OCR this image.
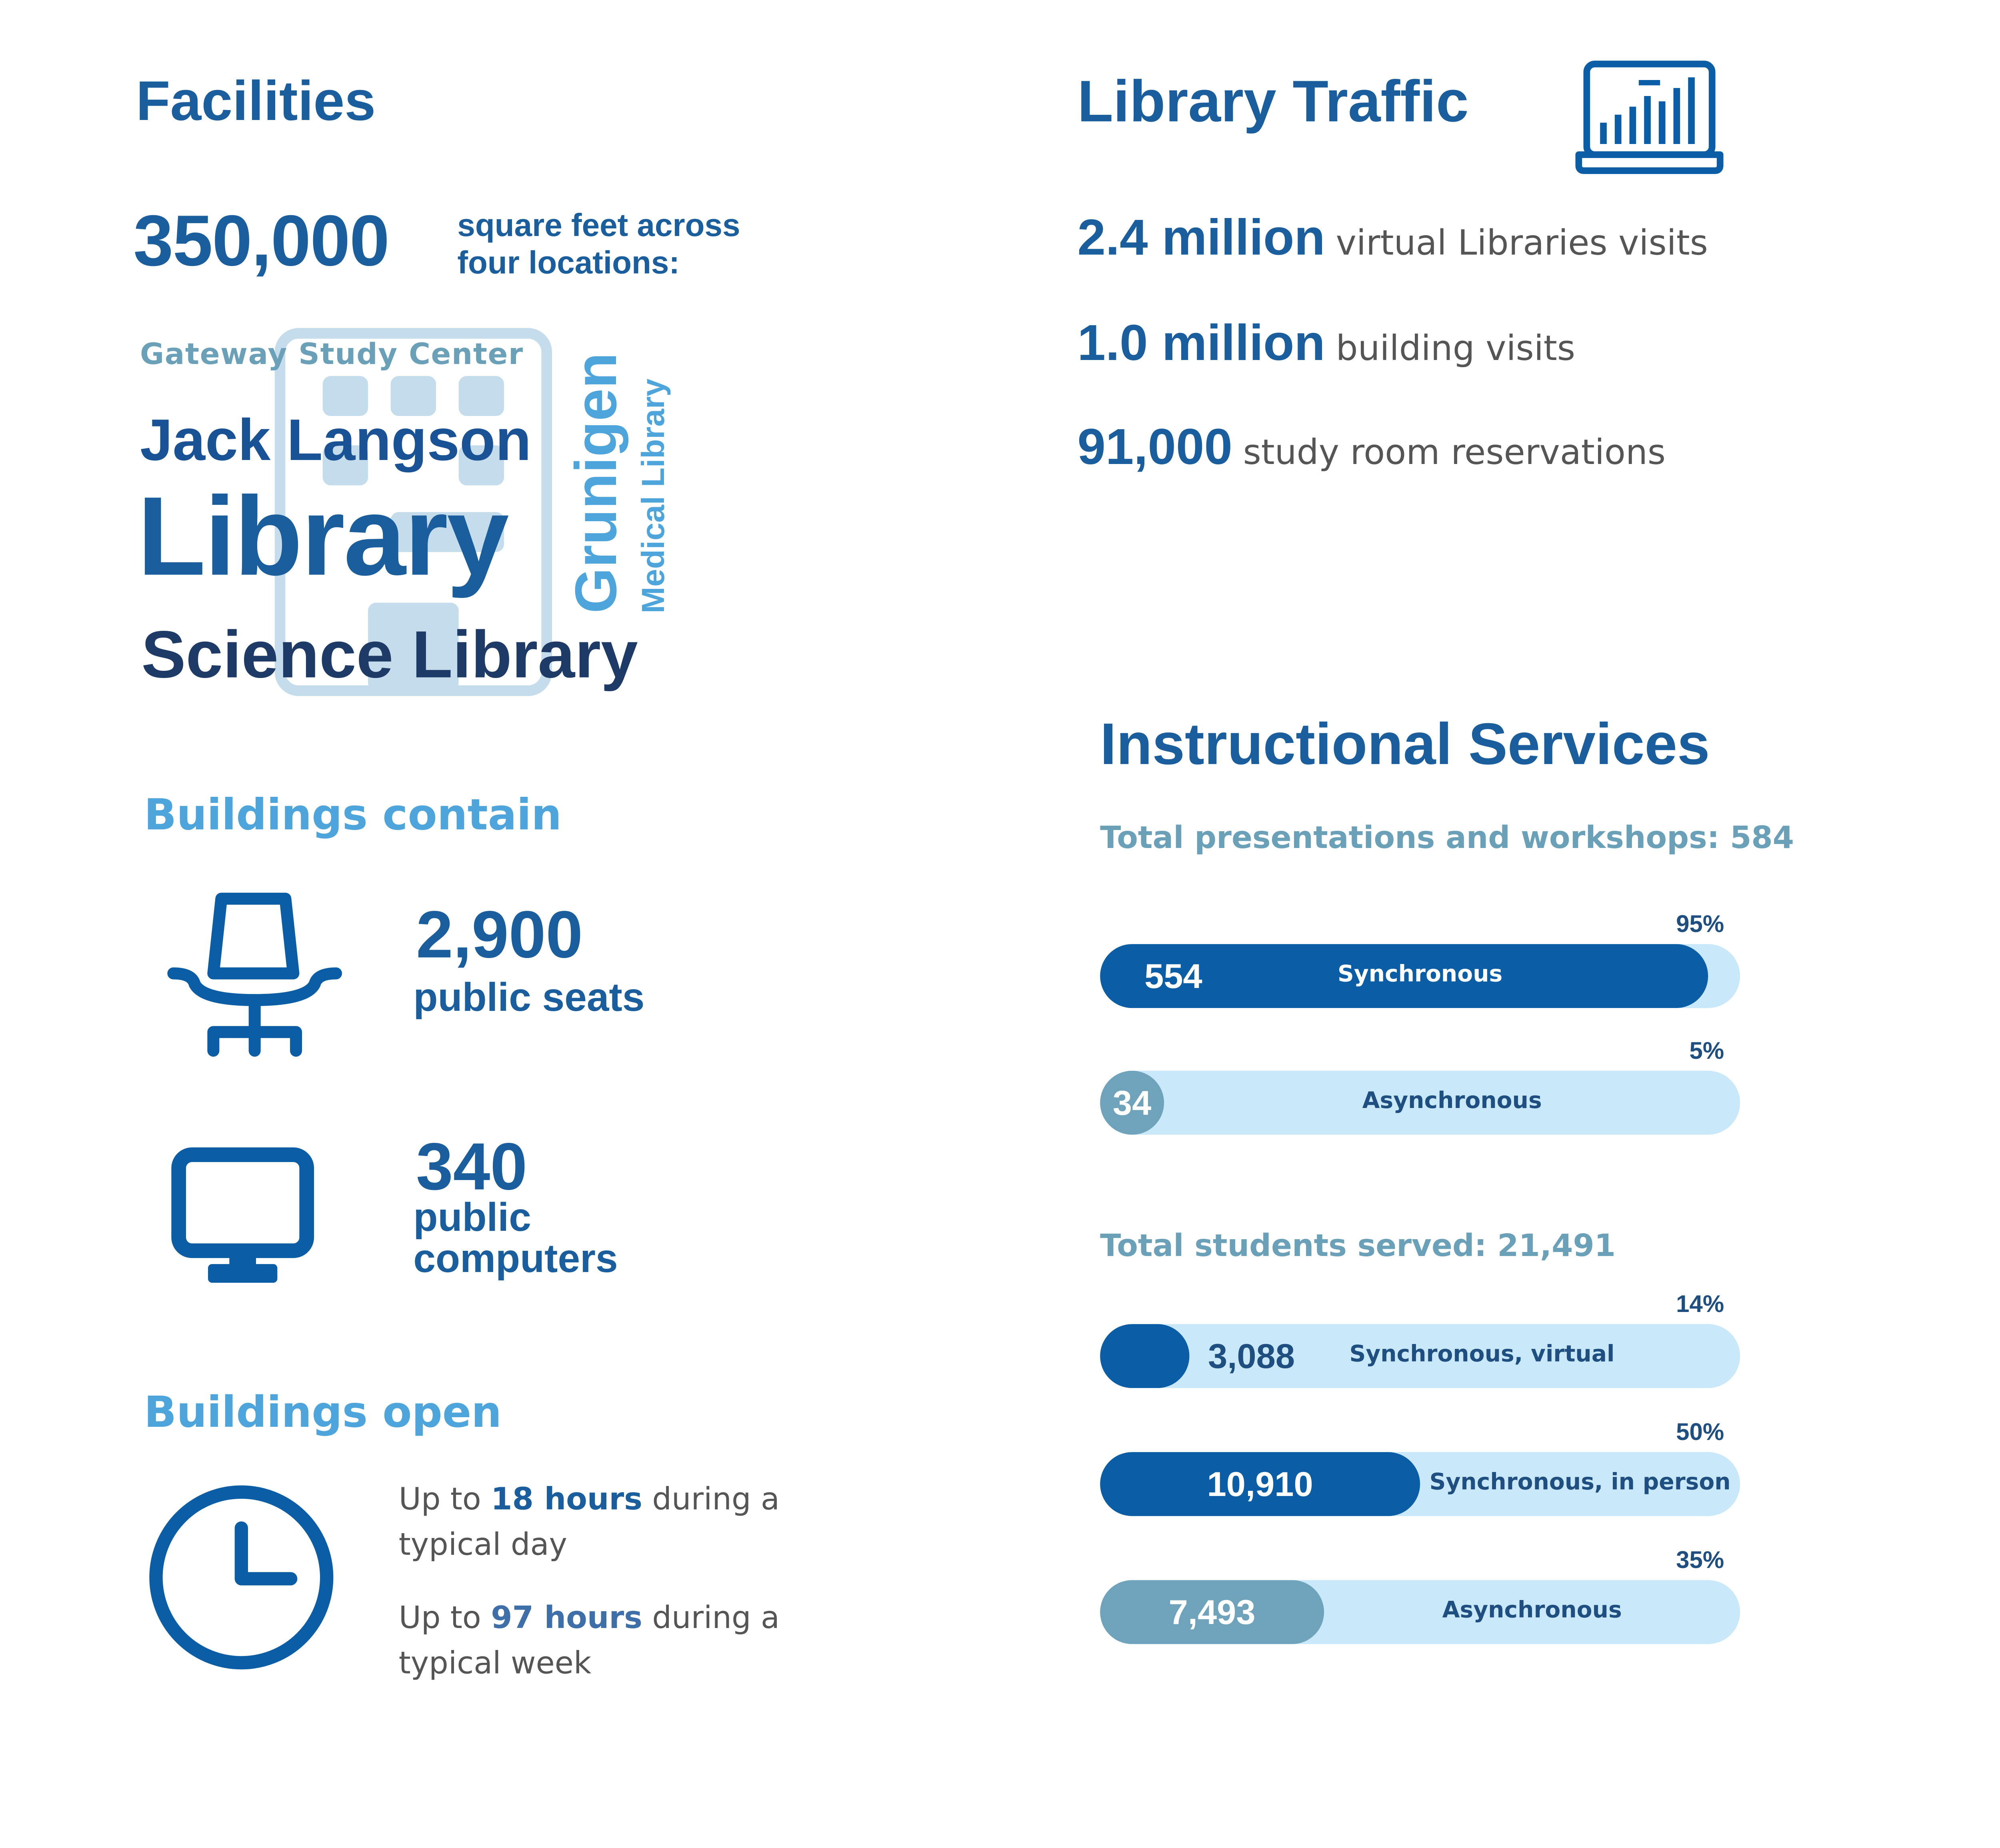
Facilities
350,000	square feet across
four locations:
Gateway Study Center
Jack Langson
Library
Science Library
Grunigen Medical Library
Buildings contain
2,900
public seats
340
public
computers
Buildings open
Up to 18 hours during a
typical day
Up to 97 hours during a
typical week
Library Traffic
2.4 million virtual Libraries visits
1.0 million building visits
91,000 study room reservations
Instructional Services
Total presentations and workshops: 584
Total students served: 21,491
95%
554	Synchronous
5%
34	Asynchronous
14%
3,088	Synchronous, virtual
50%
10,910	Synchronous, in person
35%
7,493	Asynchronous
